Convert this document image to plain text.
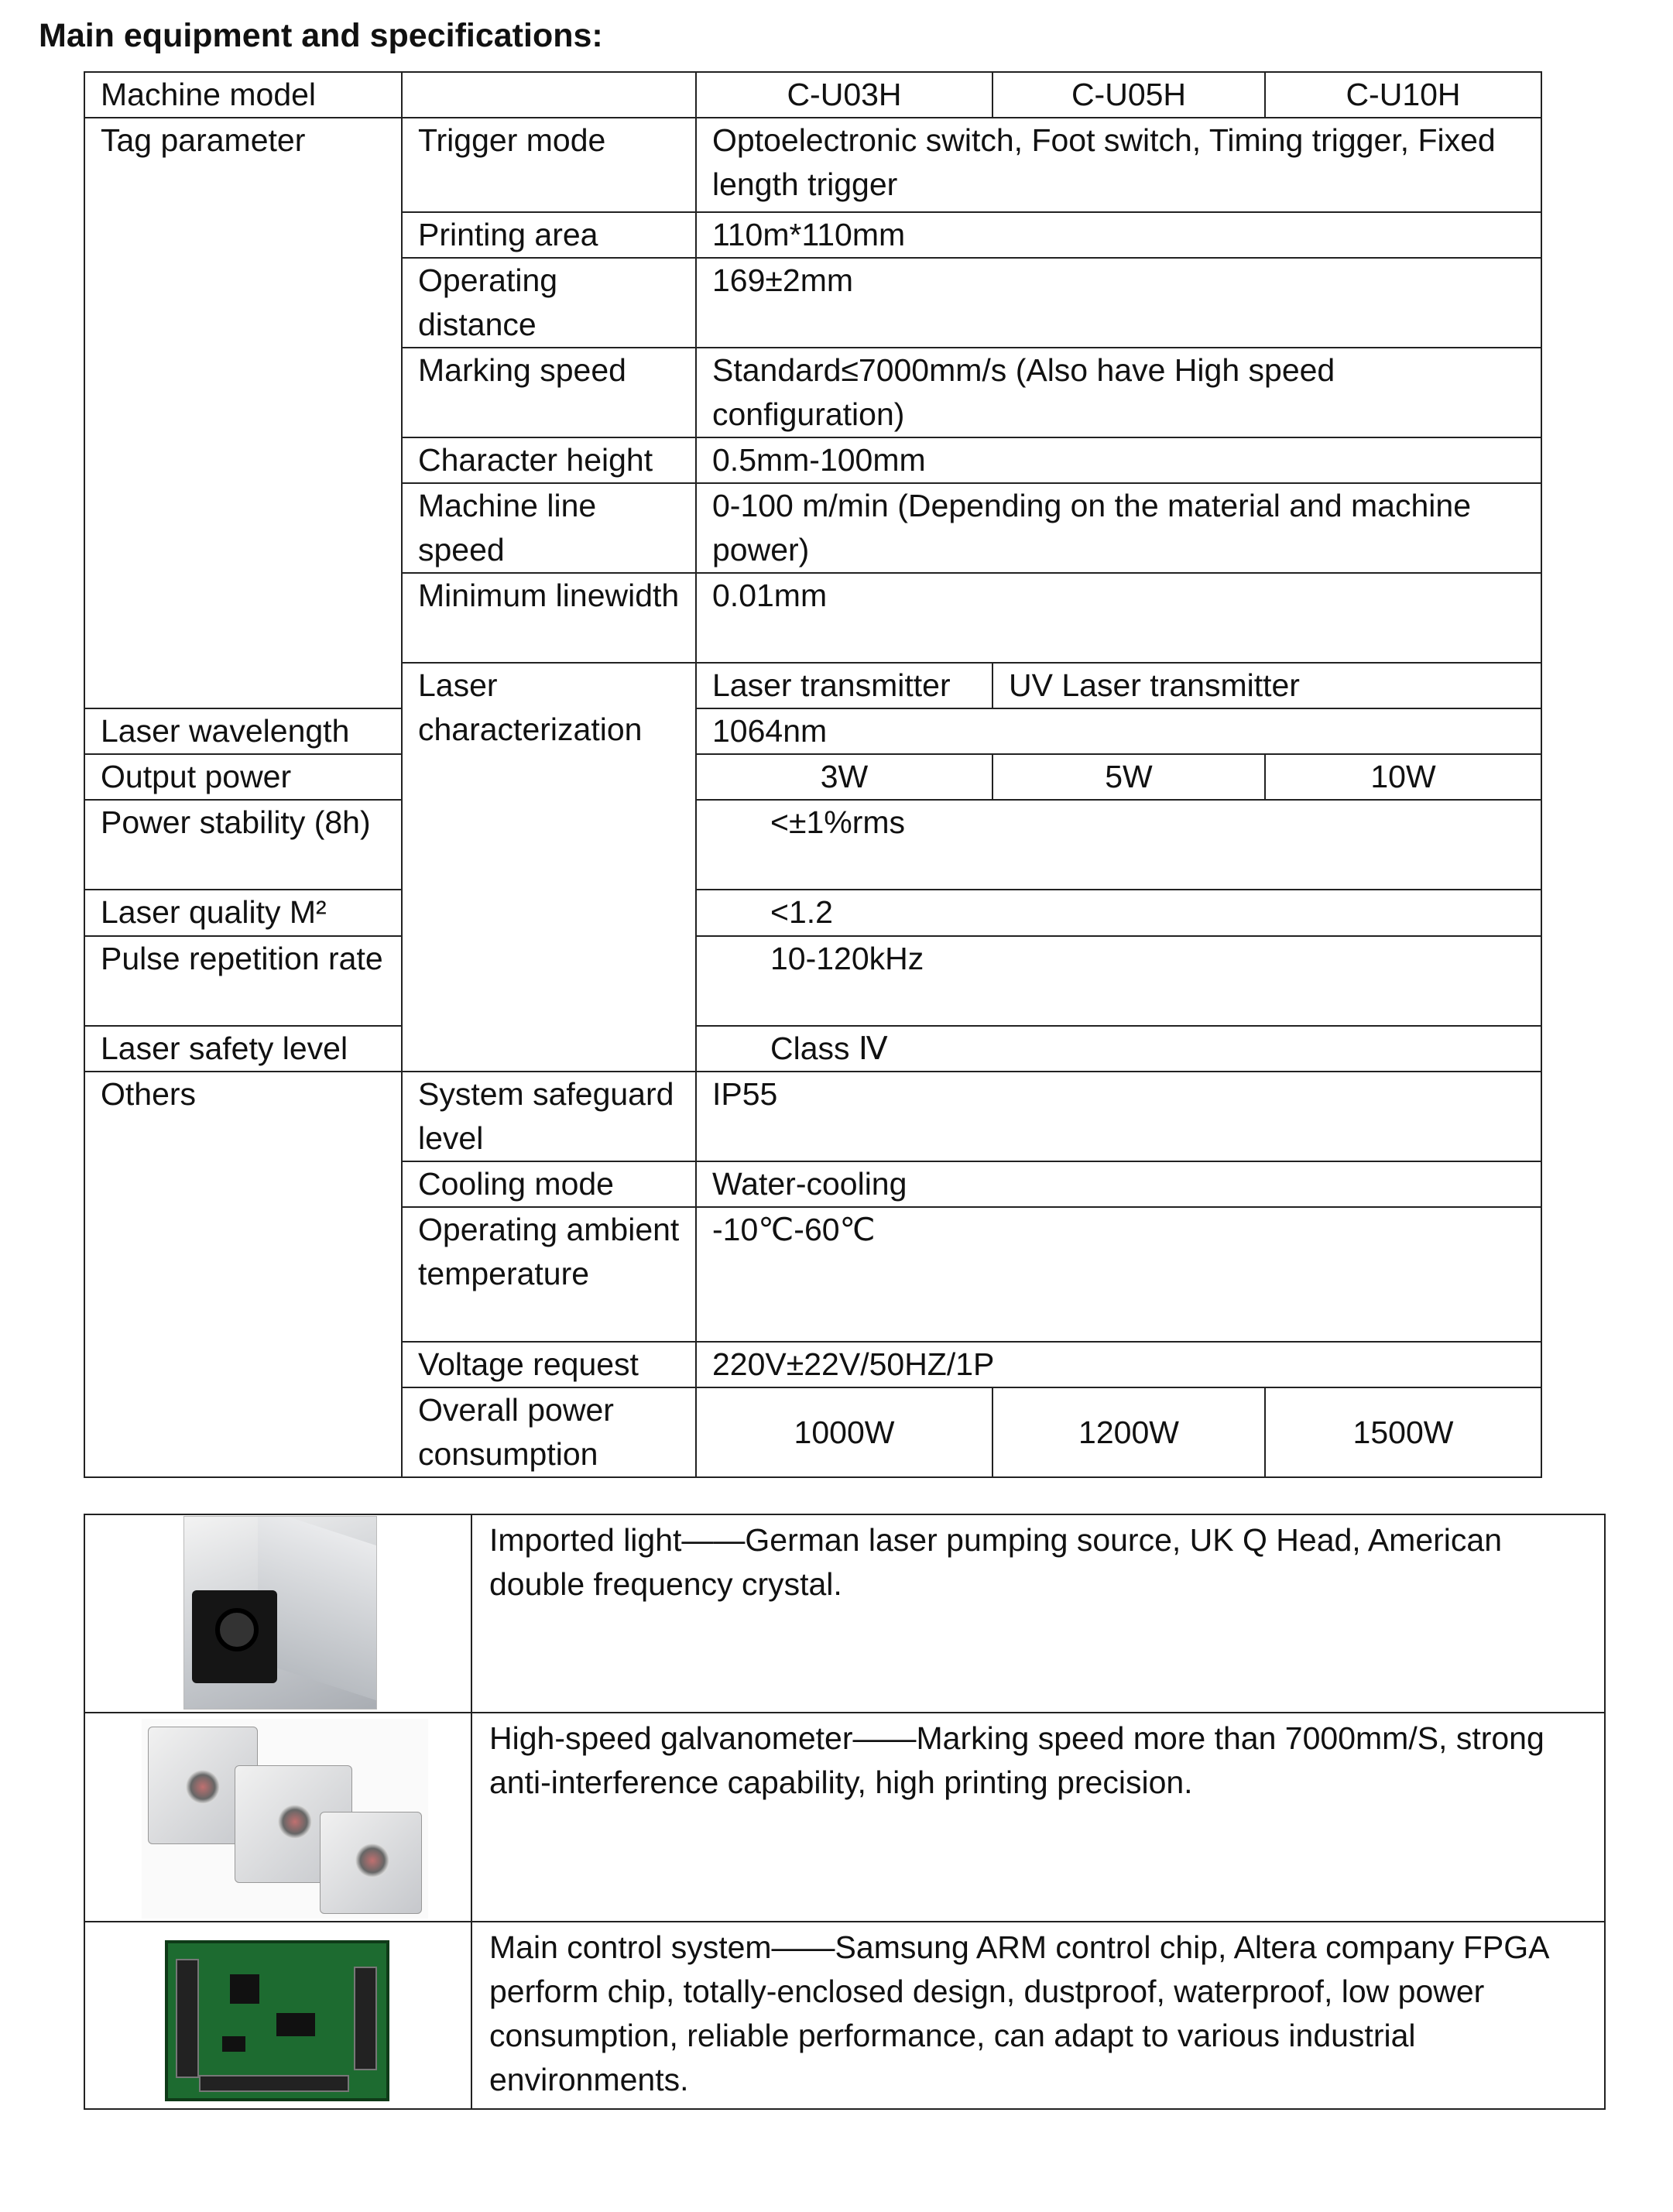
Main equipment and specifications:
Machine model		C-U03H	C-U05H	C-U10H
Tag parameter	Trigger mode	Optoelectronic switch, Foot switch, Timing trigger, Fixed length trigger		
	Printing area	110m*110mm		
	Operating distance	169±2mm		
	Marking speed	Standard≤7000mm/s (Also have High speed configuration)		
	Character height	0.5mm-100mm		
	Machine line speed	0-100 m/min (Depending on the material and machine power)		
	Minimum linewidth	0.01mm		
	Laser characterization	Laser transmitter	UV Laser transmitter	
Laser wavelength		1064nm		
Output power		3W	5W	10W
Power stability (8h)		<±1%rms		
Laser quality M²		<1.2		
Pulse repetition rate		10-120kHz		
Laser safety level		Class Ⅳ		
Others	System safeguard level	IP55		
	Cooling mode	Water-cooling		
	Operating ambient temperature	-10℃-60℃		
	Voltage request	220V±22V/50HZ/1P		
	Overall power consumption	1000W	1200W	1500W
	Imported light——German laser pumping source, UK Q Head, American double frequency crystal.

	High-speed galvanometer——Marking speed more than 7000mm/S, strong anti-interference capability, high printing precision.

	Main control system——Samsung ARM control chip, Altera company FPGA perform chip, totally-enclosed design, dustproof, waterproof, low power consumption, reliable performance, can adapt to various industrial environments.
